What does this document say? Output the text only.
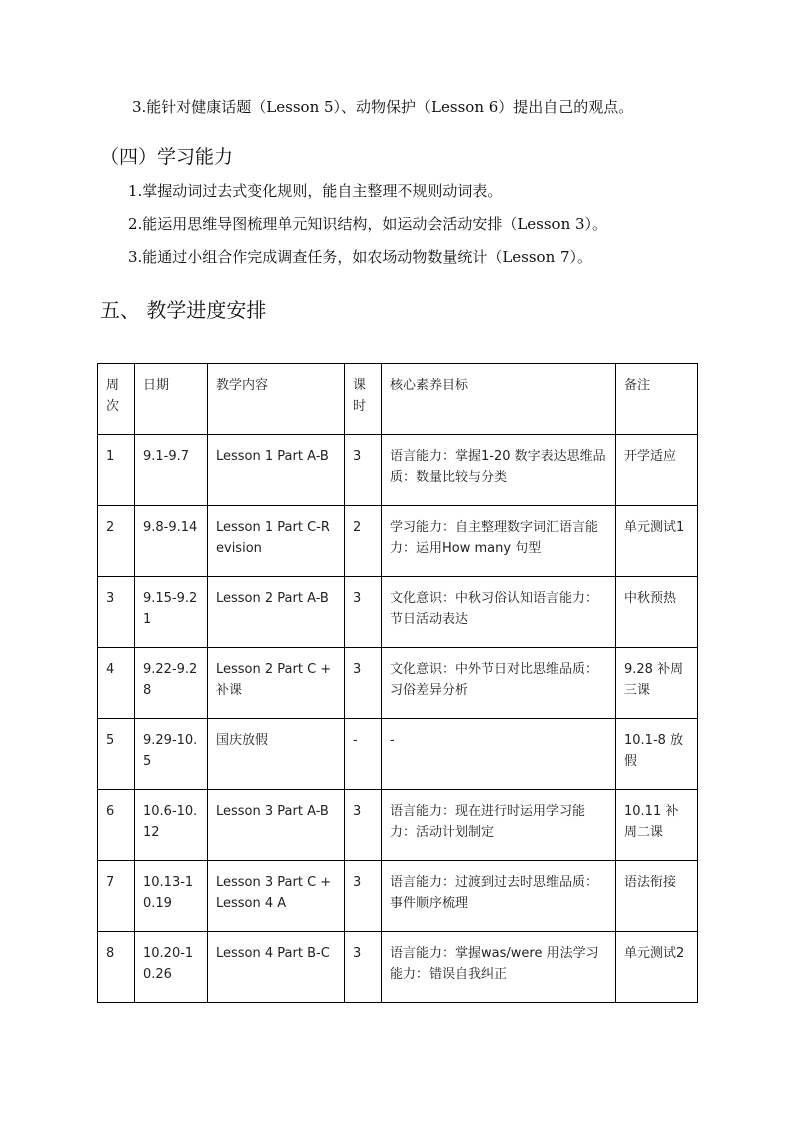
3.能针对健康话题（Lesson 5）、动物保护（Lesson 6）提出自己的观点。
（四）学习能力
1.掌握动词过去式变化规则，能自主整理不规则动词表。
2.能运用思维导图梳理单元知识结构，如运动会活动安排（Lesson 3）。
3.能通过小组合作完成调查任务，如农场动物数量统计（Lesson 7）。
五、 教学进度安排
周次	日期	教学内容	课时	核心素养目标	备注
1	9.1-9.7	Lesson 1 Part A-B	3	语言能力：掌握1-20 数字表达思维品质：数量比较与分类	开学适应
2	9.8-9.14	Lesson 1 Part C-Revision	2	学习能力：自主整理数字词汇语言能力：运用How many 句型	单元测试1
3	9.15-9.21	Lesson 2 Part A-B	3	文化意识：中秋习俗认知语言能力：节日活动表达	中秋预热
4	9.22-9.28	Lesson 2 Part C + 补课	3	文化意识：中外节日对比思维品质：习俗差异分析	9.28 补周三课
5	9.29-10.5	国庆放假	-	-	10.1-8 放假
6	10.6-10.12	Lesson 3 Part A-B	3	语言能力：现在进行时运用学习能力：活动计划制定	10.11 补周二课
7	10.13-10.19	Lesson 3 Part C + Lesson 4 A	3	语言能力：过渡到过去时思维品质：事件顺序梳理	语法衔接
8	10.20-10.26	Lesson 4 Part B-C	3	语言能力：掌握was/were 用法学习能力：错误自我纠正	单元测试2
